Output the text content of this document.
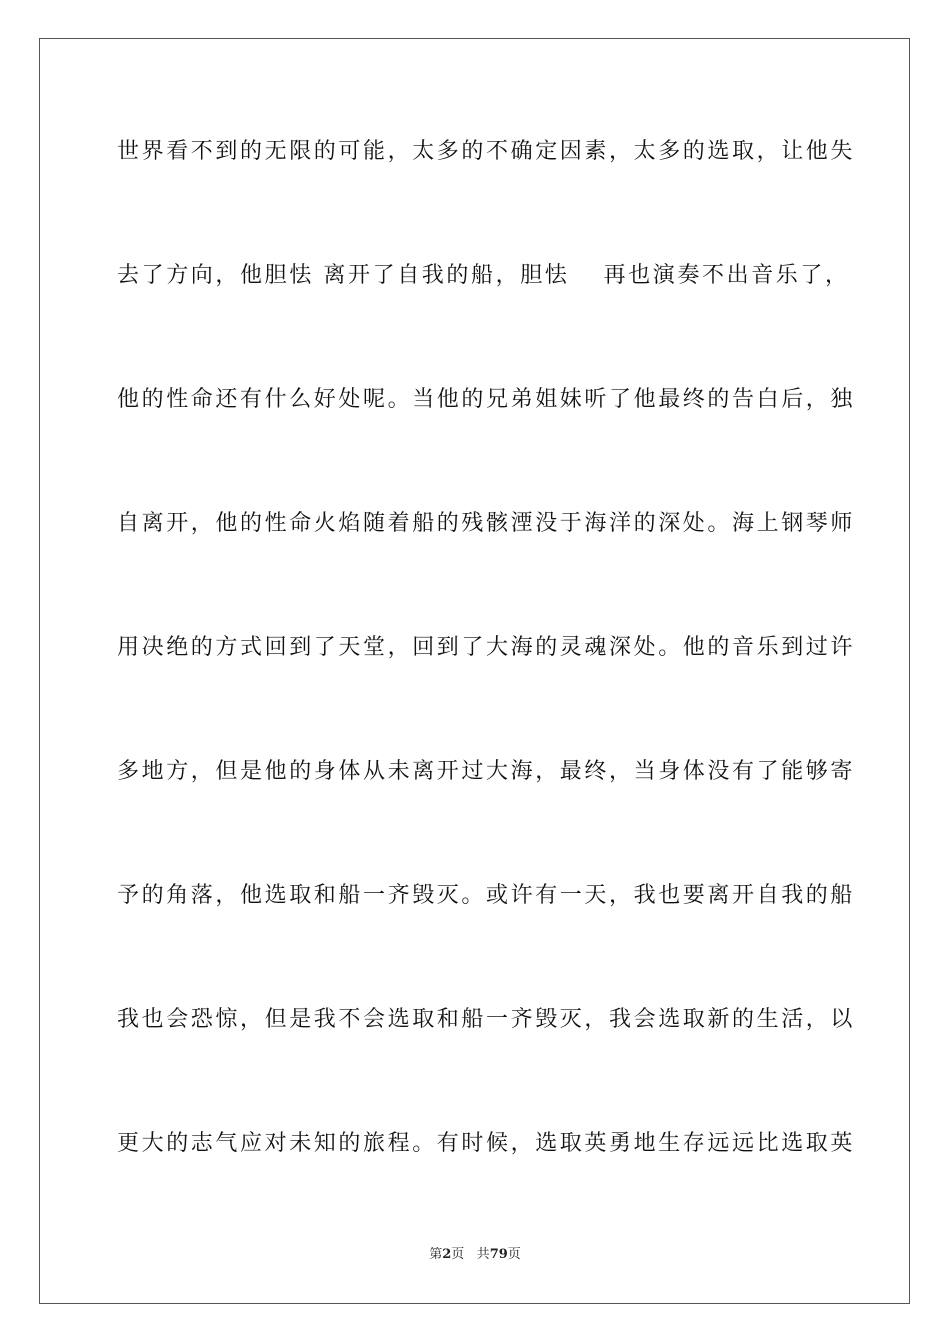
世界看不到的无限的可能，太多的不确定因素，太多的选取，让他失
去了方向，他胆怯 离开了自我的船，胆怯　 再也演奏不出音乐了，
他的性命还有什么好处呢。当他的兄弟姐妹听了他最终的告白后，独
自离开，他的性命火焰随着船的残骸湮没于海洋的深处。海上钢琴师
用决绝的方式回到了天堂，回到了大海的灵魂深处。他的音乐到过许
多地方，但是他的身体从未离开过大海，最终，当身体没有了能够寄
予的角落，他选取和船一齐毁灭。或许有一天，我也要离开自我的船
我也会恐惊，但是我不会选取和船一齐毁灭，我会选取新的生活，以
更大的志气应对未知的旅程。有时候，选取英勇地生存远远比选取英
第2页 共79页
